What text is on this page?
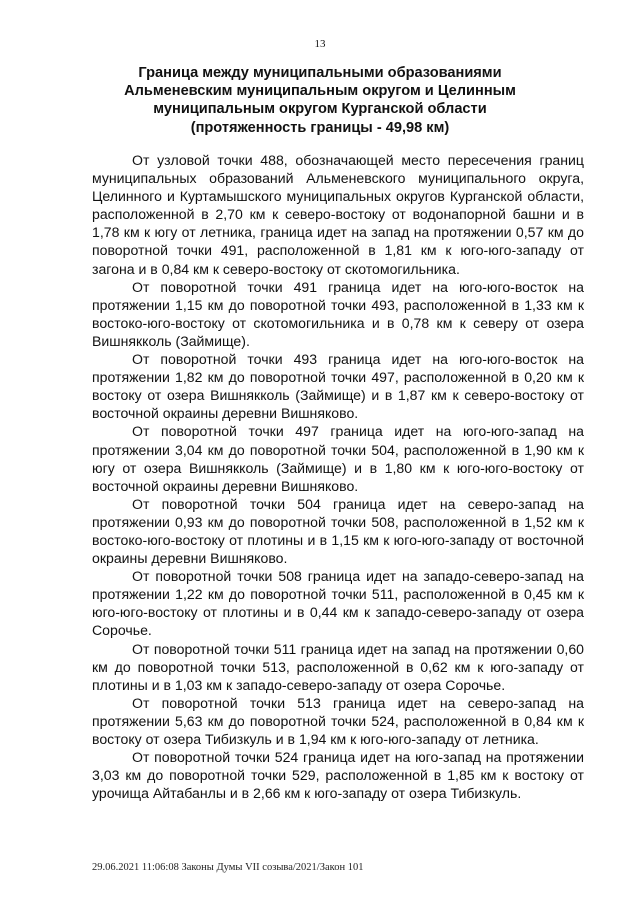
13
Граница между муниципальными образованиями
Альменевским муниципальным округом и Целинным
муниципальным округом Курганской области
(протяженность границы - 49,98 км)

От узловой точки 488, обозначающей место пересечения границ муниципальных образований Альменевского муниципального округа, Целинного и Куртамышского муниципальных округов Курганской области, расположенной в 2,70 км к северо-востоку от водонапорной башни и в 1,78 км к югу от летника, граница идет на запад на протяжении 0,57 км до поворотной точки 491, расположенной в 1,81 км к юго-юго-западу от загона и в 0,84 км к северо-востоку от скотомогильника.

От поворотной точки 491 граница идет на юго-юго-восток на протяжении 1,15 км до поворотной точки 493, расположенной в 1,33 км к востоко-юго-востоку от скотомогильника и в 0,78 км к северу от озера Вишнякколь (Займище).

От поворотной точки 493 граница идет на юго-юго-восток на протяжении 1,82 км до поворотной точки 497, расположенной в 0,20 км к востоку от озера Вишнякколь (Займище) и в 1,87 км к северо-востоку от восточной окраины деревни Вишняково.

От поворотной точки 497 граница идет на юго-юго-запад на протяжении 3,04 км до поворотной точки 504, расположенной в 1,90 км к югу от озера Вишнякколь (Займище) и в 1,80 км к юго-юго-востоку от восточной окраины деревни Вишняково.

От поворотной точки 504 граница идет на северо-запад на протяжении 0,93 км до поворотной точки 508, расположенной в 1,52 км к востоко-юго-востоку от плотины и в 1,15 км к юго-юго-западу от восточной окраины деревни Вишняково.

От поворотной точки 508 граница идет на западо-северо-запад на протяжении 1,22 км до поворотной точки 511, расположенной в 0,45 км к юго-юго-востоку от плотины и в 0,44 км к западо-северо-западу от озера Сорочье.

От поворотной точки 511 граница идет на запад на протяжении 0,60 км до поворотной точки 513, расположенной в 0,62 км к юго-западу от плотины и в 1,03 км к западо-северо-западу от озера Сорочье.

От поворотной точки 513 граница идет на северо-запад на протяжении 5,63 км до поворотной точки 524, расположенной в 0,84 км к востоку от озера Тибизкуль и в 1,94 км к юго-юго-западу от летника.

От поворотной точки 524 граница идет на юго-запад на протяжении 3,03 км до поворотной точки 529, расположенной в 1,85 км к востоку от урочища Айтабанлы и в 2,66 км к юго-западу от озера Тибизкуль.

29.06.2021 11:06:08 Законы Думы VII созыва/2021/Закон 101
